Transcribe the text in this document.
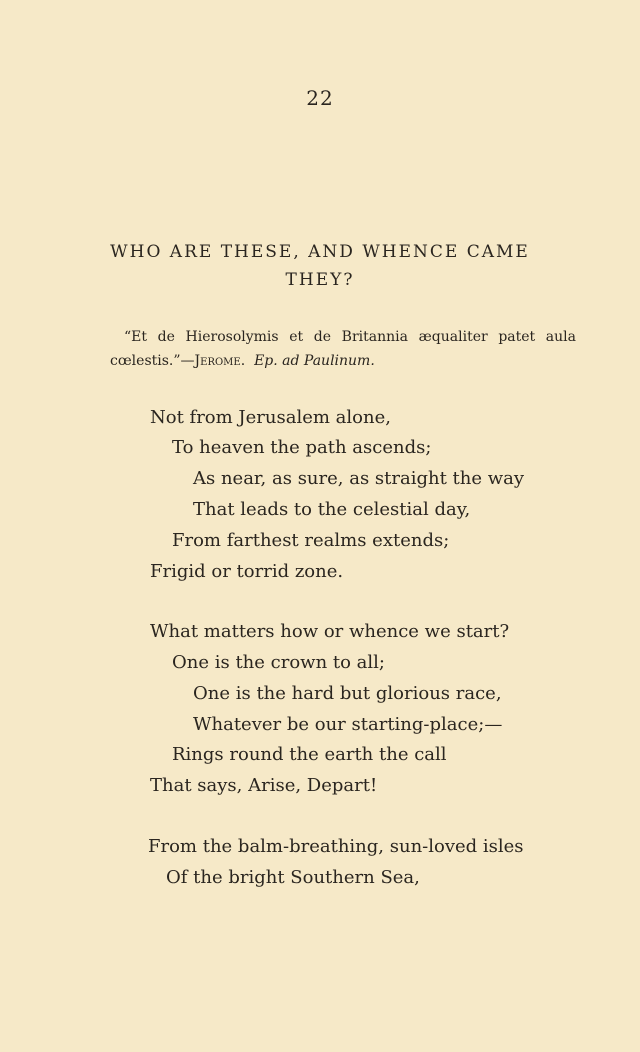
22
WHO ARE THESE, AND WHENCE CAME
THEY?
“Et de Hierosolymis et de Britannia æqualiter patet aula
cœlestis.”—Jerome. Ep. ad Paulinum.
Not from Jerusalem alone,
To heaven the path ascends;
As near, as sure, as straight the way
That leads to the celestial day,
From farthest realms extends;
Frigid or torrid zone.
What matters how or whence we start?
One is the crown to all;
One is the hard but glorious race,
Whatever be our starting-place;—
Rings round the earth the call
That says, Arise, Depart!
From the balm-breathing, sun-loved isles
Of the bright Southern Sea,
